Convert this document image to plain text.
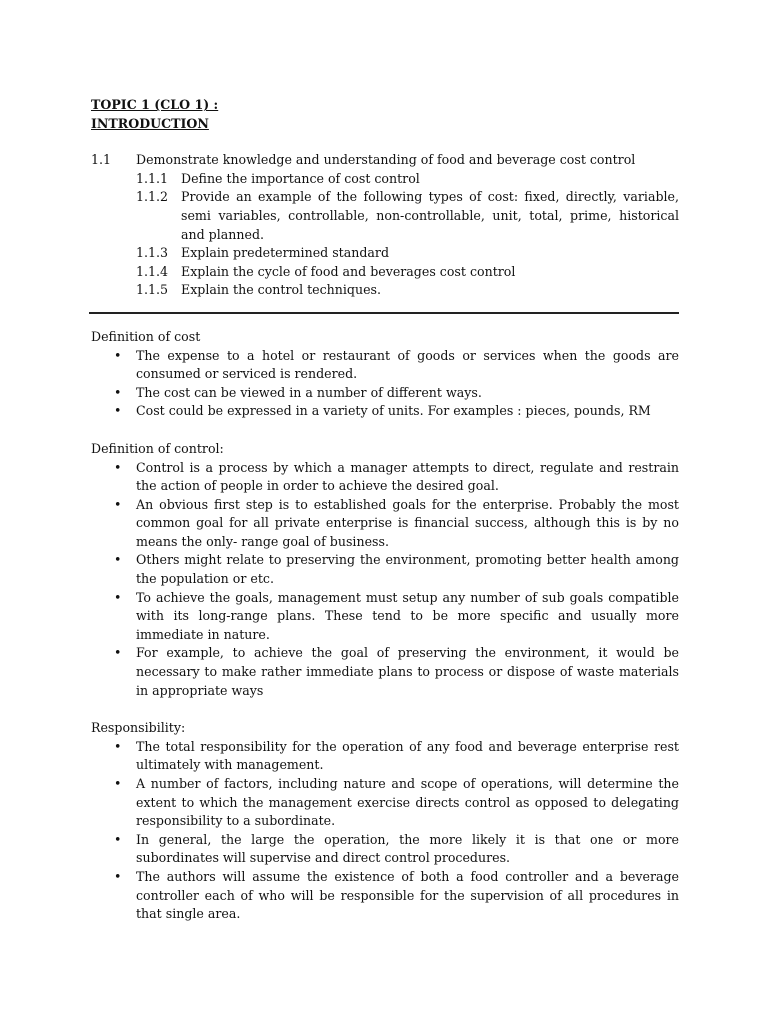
TOPIC 1 (CLO 1) :

INTRODUCTION

1.1	Demonstrate knowledge and understanding of food and beverage cost control
1.1.1	Define the importance of cost control
1.1.2	Provide an example of the following types of cost: fixed, directly, variable, semi variables, controllable, non-controllable, unit, total, prime, historical and planned.
1.1.3	Explain predetermined standard
1.1.4	Explain the cycle of food and beverages cost control
1.1.5	Explain the control techniques.
Definition of cost
•	The expense to a hotel or restaurant of goods or services when the goods are consumed or serviced is rendered.
•	The cost can be viewed in a number of different ways.
•	Cost could be expressed in a variety of units. For examples : pieces, pounds, RM
Definition of control:
•	Control is a process by which a manager attempts to direct, regulate and restrain the action of people in order to achieve the desired goal.
•	An obvious first step is to established goals for the enterprise. Probably the most common goal for all private enterprise is financial success, although this is by no means the only- range goal of business.
•	Others might relate to preserving the environment, promoting better health among the population or etc.
•	To achieve the goals, management must setup any number of sub goals compatible with its long-range plans. These tend to be more specific and usually more immediate in nature.
•	For example, to achieve the goal of preserving the environment, it would be necessary to make rather immediate plans to process or dispose of waste materials in appropriate ways
Responsibility:
•	The total responsibility for the operation of any food and beverage enterprise rest ultimately with management.
•	A number of factors, including nature and scope of operations, will determine the extent to which the management exercise directs control as opposed to delegating responsibility to a subordinate.
•	In general, the large the operation, the more likely it is that one or more subordinates will supervise and direct control procedures.
•	The authors will assume the existence of both a food controller and a beverage controller each of who will be responsible for the supervision of all procedures in that single area.
